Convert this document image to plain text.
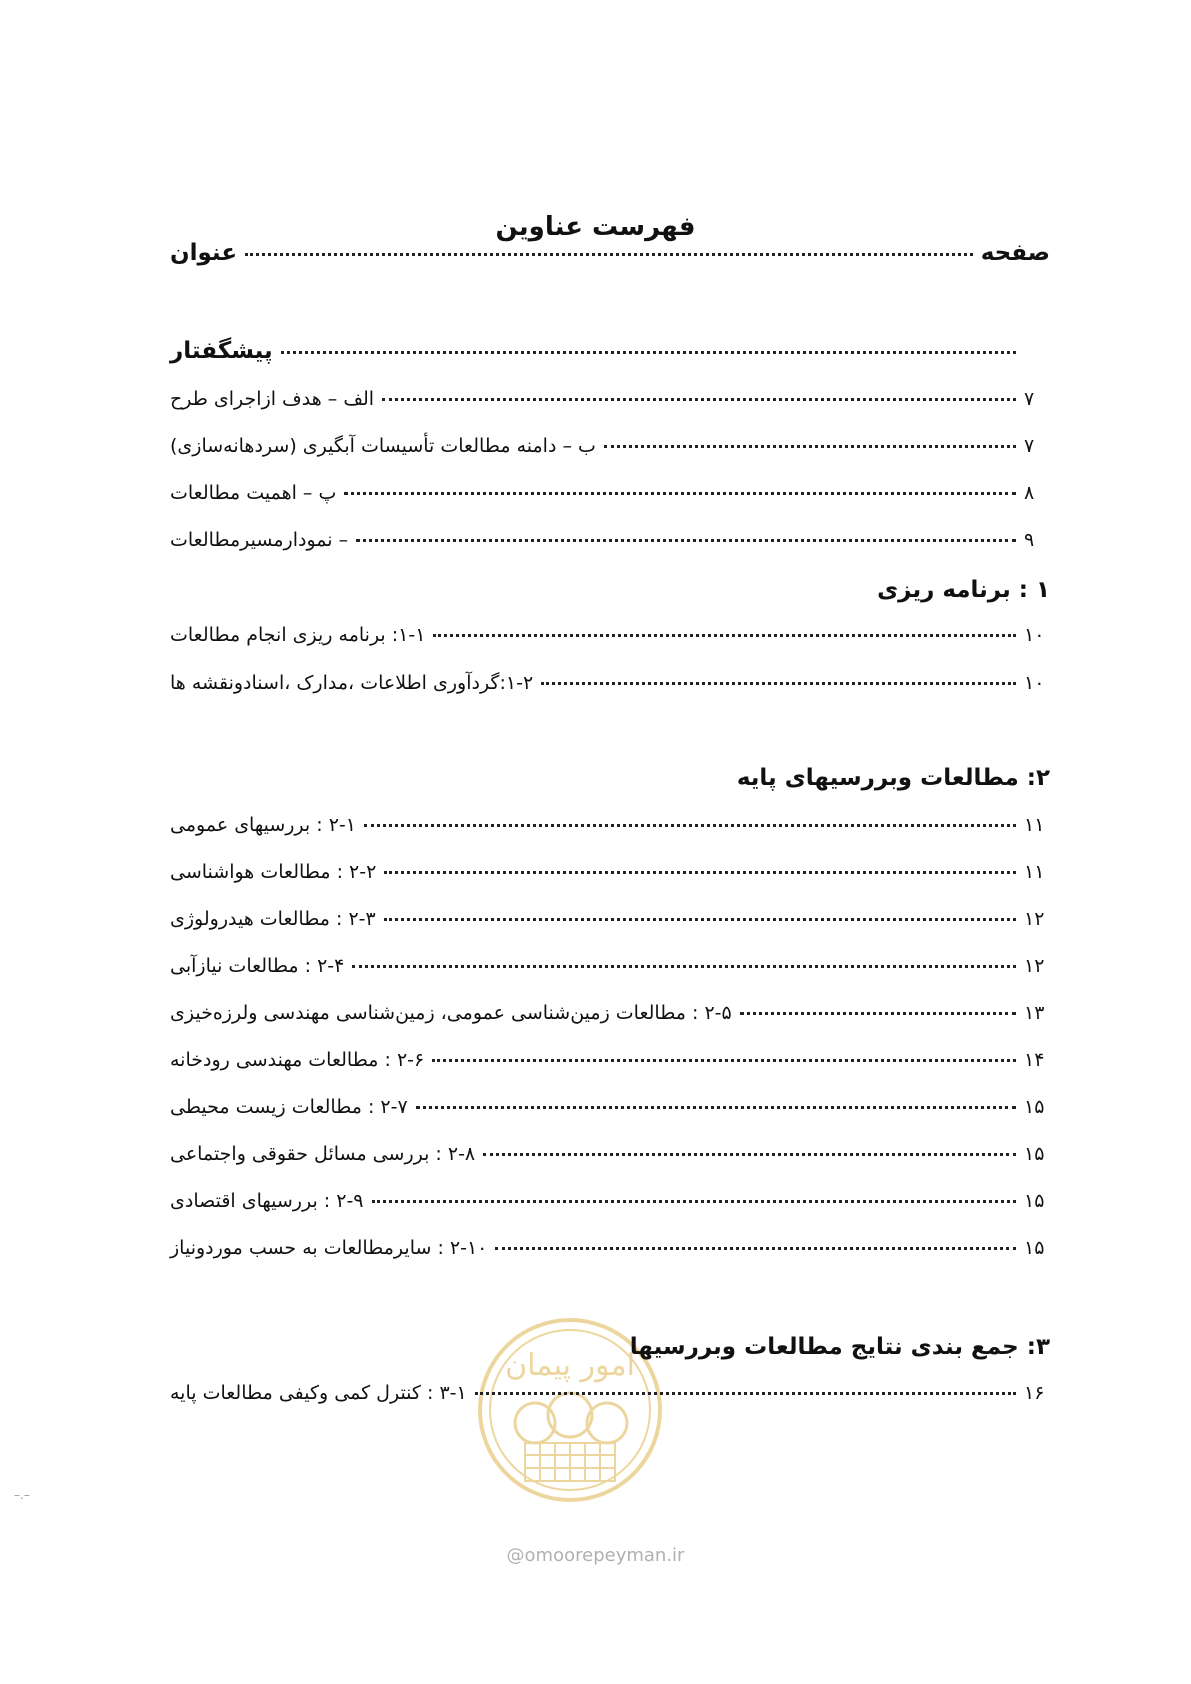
فهرست عناوین
عنوان	صفحه
پیشگفتار
الف – هدف ازاجرای طرح	۷
ب – دامنه مطالعات تأسیسات آبگیری (سردهانه‌سازی)	۷
پ – اهمیت مطالعات	۸
– نمودارمسیرمطالعات	۹
۱ : برنامه ریزی
۱-۱: برنامه ریزی انجام مطالعات	۱۰
۱-۲:گردآوری اطلاعات ،مدارک ،اسنادونقشه ها	۱۰
۲: مطالعات وبررسیهای پایه
۲-۱ : بررسیهای عمومی	۱۱
۲-۲ : مطالعات هواشناسی	۱۱
۲-۳ : مطالعات هیدرولوژی	۱۲
۲-۴ : مطالعات نیازآبی	۱۲
۲-۵ : مطالعات زمین‌شناسی عمومی، زمین‌شناسی مهندسی ولرزه‌خیزی	۱۳
۲-۶ : مطالعات مهندسی رودخانه	۱۴
۲-۷ : مطالعات زیست محیطی	۱۵
۲-۸ : بررسی مسائل حقوقی واجتماعی	۱۵
۲-۹ : بررسیهای اقتصادی	۱۵
۲-۱۰ : سایرمطالعات به حسب موردونیاز	۱۵
امور پیمان
۳: جمع بندی نتایج مطالعات وبررسیها
۳-۱ : کنترل کمی وکیفی مطالعات پایه	۱۶
@omoorepeyman.ir
–.–
